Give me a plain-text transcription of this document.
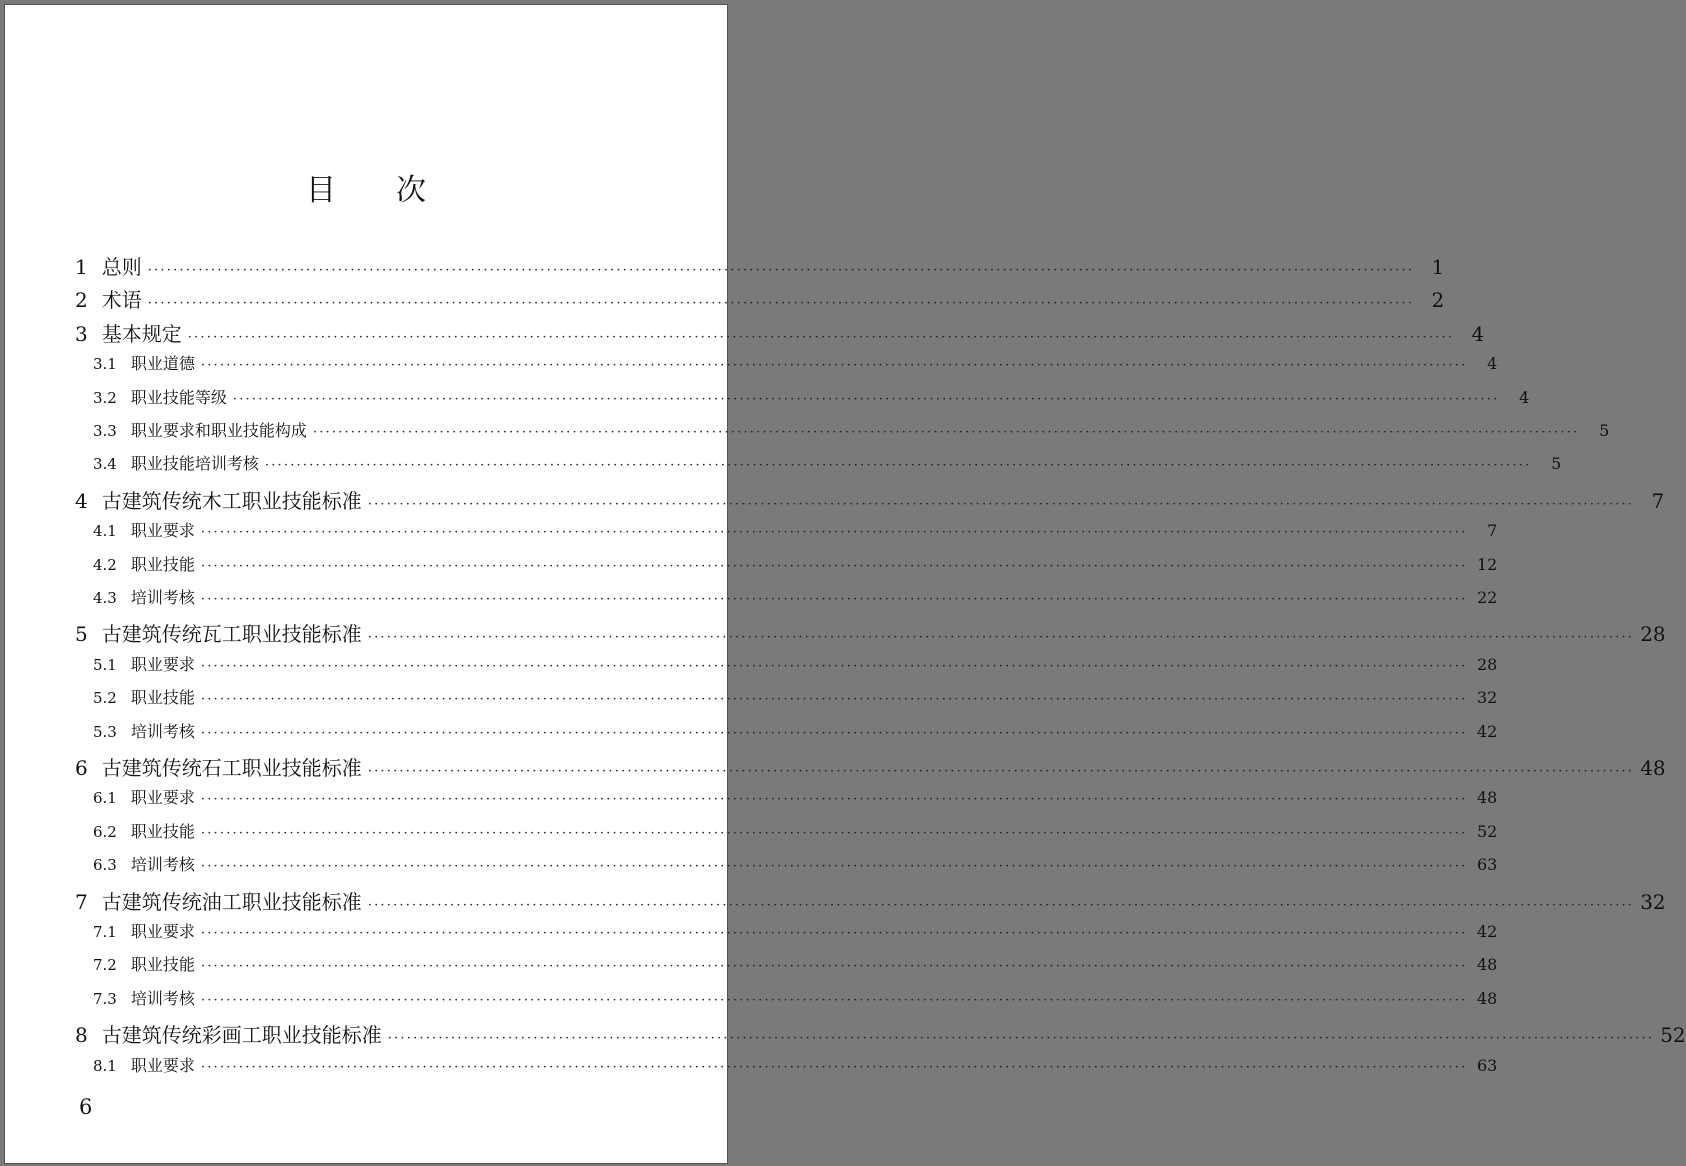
目 次
1 总则 ········································································································································································································ 1
2 术语 ········································································································································································································ 2
3 基本规定 ········································································································································································································ 4
3.1 职业道德 ········································································································································································································	4
3.2 职业技能等级 ········································································································································································································	4
3.3 职业要求和职业技能构成 ········································································································································································································	5
3.4 职业技能培训考核 ········································································································································································································	5
4 古建筑传统木工职业技能标准 ········································································································································································································ 7
4.1 职业要求 ········································································································································································································	7
4.2 职业技能 ········································································································································································································ 12
4.3 培训考核 ········································································································································································································ 22
5 古建筑传统瓦工职业技能标准 ········································································································································································································ 28
5.1 职业要求 ········································································································································································································ 28
5.2 职业技能 ········································································································································································································ 32
5.3 培训考核 ········································································································································································································ 42
6 古建筑传统石工职业技能标准 ········································································································································································································ 48
6.1 职业要求 ········································································································································································································ 48
6.2 职业技能 ········································································································································································································ 52
6.3 培训考核 ········································································································································································································ 63
7 古建筑传统油工职业技能标准 ········································································································································································································ 32
7.1 职业要求 ········································································································································································································ 42
7.2 职业技能 ········································································································································································································ 48
7.3 培训考核 ········································································································································································································ 48
8 古建筑传统彩画工职业技能标准 ········································································································································································································ 52
8.1 职业要求 ········································································································································································································ 63
6
